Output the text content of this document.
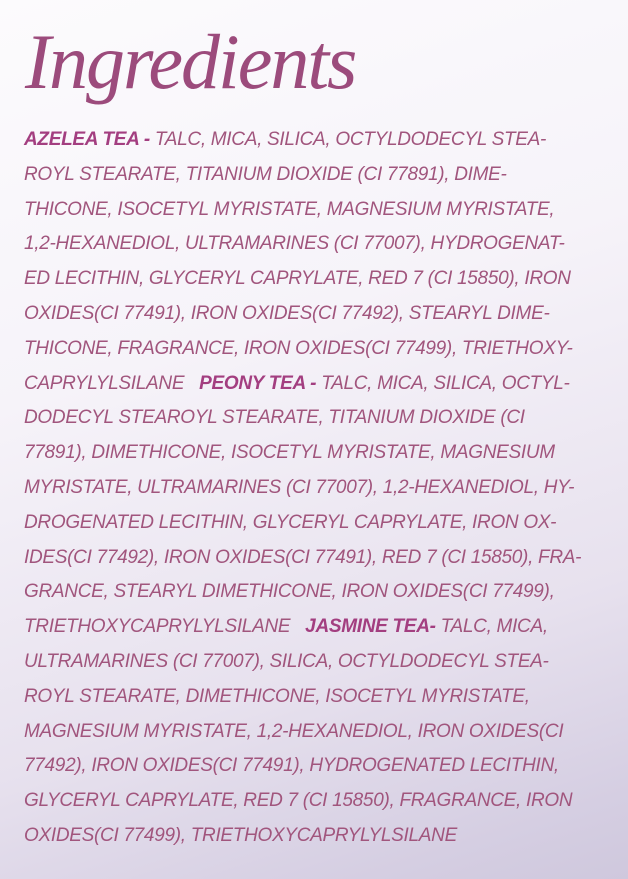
Ingredients
AZELEA TEA - TALC, MICA, SILICA, OCTYLDODECYL STEA-
ROYL STEARATE, TITANIUM DIOXIDE (CI 77891), DIME-
THICONE, ISOCETYL MYRISTATE, MAGNESIUM MYRISTATE,
1,2-HEXANEDIOL, ULTRAMARINES (CI 77007), HYDROGENAT-
ED LECITHIN, GLYCERYL CAPRYLATE, RED 7 (CI 15850), IRON
OXIDES(CI 77491), IRON OXIDES(CI 77492), STEARYL DIME-
THICONE, FRAGRANCE, IRON OXIDES(CI 77499), TRIETHOXY-
CAPRYLYLSILANE   PEONY TEA - TALC, MICA, SILICA, OCTYL-
DODECYL STEAROYL STEARATE, TITANIUM DIOXIDE (CI
77891), DIMETHICONE, ISOCETYL MYRISTATE, MAGNESIUM
MYRISTATE, ULTRAMARINES (CI 77007), 1,2-HEXANEDIOL, HY-
DROGENATED LECITHIN, GLYCERYL CAPRYLATE, IRON OX-
IDES(CI 77492), IRON OXIDES(CI 77491), RED 7 (CI 15850), FRA-
GRANCE, STEARYL DIMETHICONE, IRON OXIDES(CI 77499),
TRIETHOXYCAPRYLYLSILANE   JASMINE TEA- TALC, MICA,
ULTRAMARINES (CI 77007), SILICA, OCTYLDODECYL STEA-
ROYL STEARATE, DIMETHICONE, ISOCETYL MYRISTATE,
MAGNESIUM MYRISTATE, 1,2-HEXANEDIOL, IRON OXIDES(CI
77492), IRON OXIDES(CI 77491), HYDROGENATED LECITHIN,
GLYCERYL CAPRYLATE, RED 7 (CI 15850), FRAGRANCE, IRON
OXIDES(CI 77499), TRIETHOXYCAPRYLYLSILANE
